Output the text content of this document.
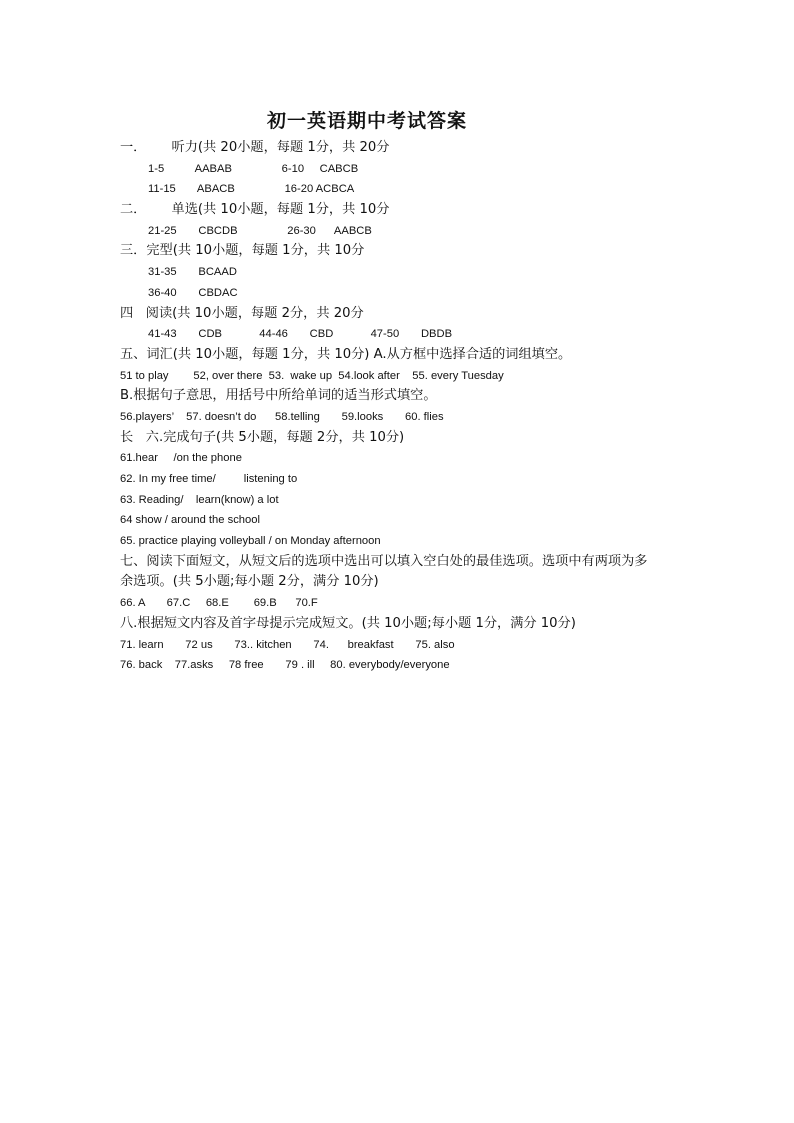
初一英语期中考试答案
一．      听力(共 20小题，每题 1分，共 20分
1-5          AABAB                6-10     CABCB
11-15       ABACB                16-20 ACBCA
二．      单选(共 10小题，每题 1分，共 10分
21-25       CBCDB                26-30      AABCB
三．完型(共 10小题，每题 1分，共 10分
31-35       BCAAD
36-40       CBDAC
四   阅读(共 10小题，每题 2分，共 20分
41-43       CDB            44-46       CBD            47-50       DBDB
五、词汇(共 10小题，每题 1分，共 10分) A.从方框中选择合适的词组填空。
51 to play        52, over there  53.  wake up  54.look after    55. every Tuesday
B.根据句子意思，用括号中所给单词的适当形式填空。
56.players’    57. doesn’t do      58.telling       59.looks       60. flies
长   六.完成句子(共 5小题，每题 2分，共 10分)
61.hear     /on the phone
62. In my free time/         listening to
63. Reading/    learn(know) a lot
64 show / around the school
65. practice playing volleyball / on Monday afternoon
七、阅读下面短文，从短文后的选项中选出可以填入空白处的最佳选项。选项中有两项为多
余选项。(共 5小题;每小题 2分，满分 10分)
66. A       67.C     68.E        69.B      70.F
八.根据短文内容及首字母提示完成短文。(共 10小题;每小题 1分，满分 10分)
71. learn       72 us       73.. kitchen       74.      breakfast       75. also
76. back    77.asks     78 free       79 . ill     80. everybody/everyone
